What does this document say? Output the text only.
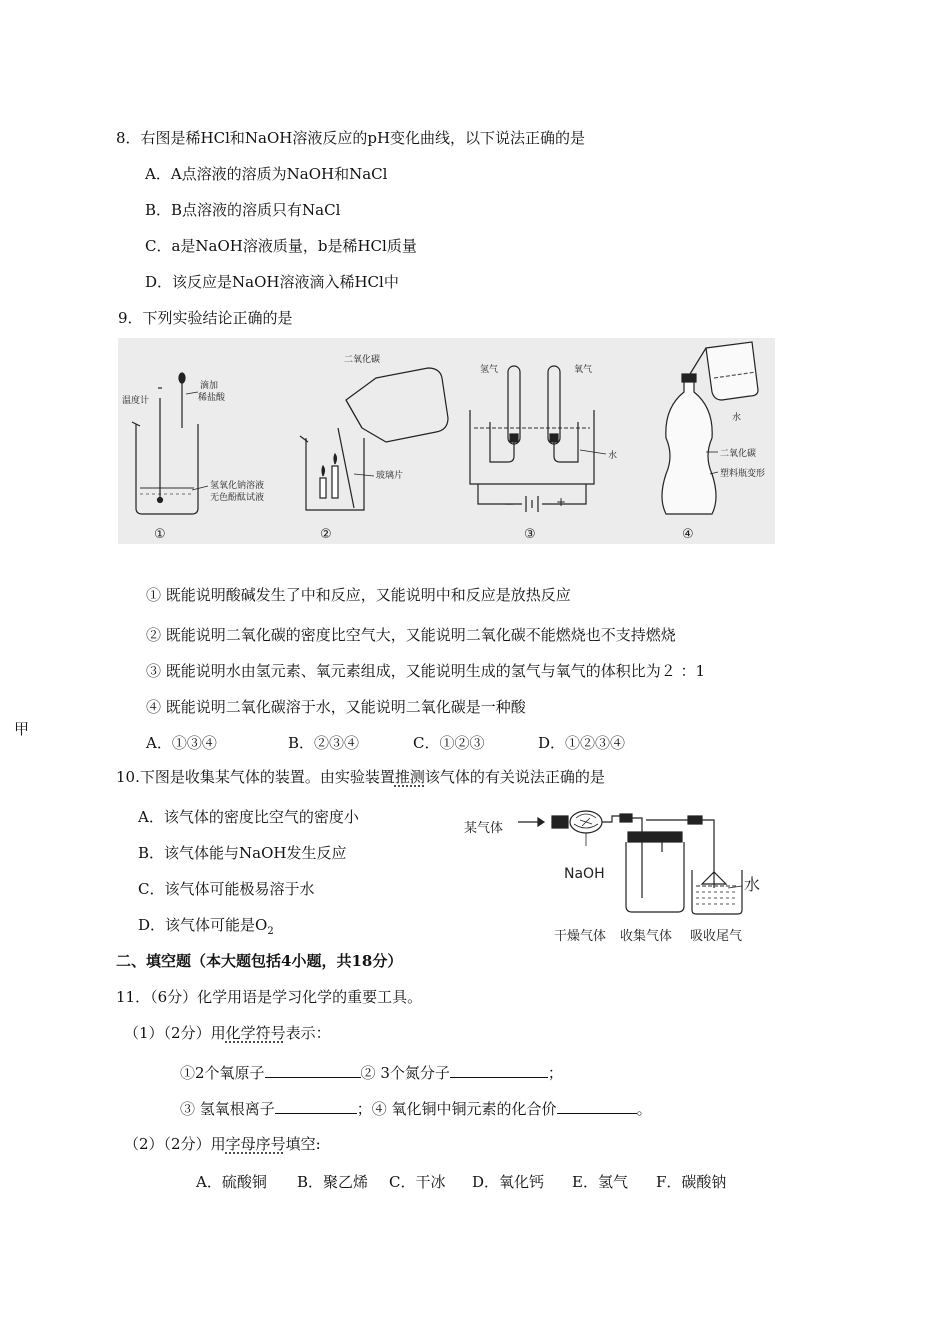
8．右图是稀HCl和NaOH溶液反应的pH变化曲线，以下说法正确的是
A．A点溶液的溶质为NaOH和NaCl
B．B点溶液的溶质只有NaCl
C．a是NaOH溶液质量，b是稀HCl质量
D．该反应是NaOH溶液滴入稀HCl中
9．下列实验结论正确的是
温度计
滴加
稀盐酸
氢氧化钠溶液
无色酚酞试液
①
二氧化碳
玻璃片
②
氢气	氧气
水
−	+
③
水
二氧化碳
塑料瓶变形
④
① 既能说明酸碱发生了中和反应，又能说明中和反应是放热反应
② 既能说明二氧化碳的密度比空气大，又能说明二氧化碳不能燃烧也不支持燃烧
③ 既能说明水由氢元素、氧元素组成，又能说明生成的氢气与氧气的体积比为２ ：1
④ 既能说明二氧化碳溶于水，又能说明二氧化碳是一种酸
甲
A．①③④	B．②③④	C．①②③	D．①②③④
10.下图是收集某气体的装置。由实验装置推测该气体的有关说法正确的是
A．该气体的密度比空气的密度小
B．该气体能与NaOH发生反应
C．该气体可能极易溶于水
D．该气体可能是$O_2$
某气体
NaOH
水
干燥气体 收集气体 吸收尾气
二、填空题（本大题包括4小题，共18分）
11．（6分）化学用语是学习化学的重要工具。
（1）（2分）用化学符号表示：
①2个氧原子	② 3个氮分子	；
③ 氢氧根离子	；④ 氧化铜中铜元素的化合价	。
（2）（2分）用字母序号填空:
A．硫酸铜 B．聚乙烯 C．干冰 D．氧化钙 E．氢气 F．碳酸钠
